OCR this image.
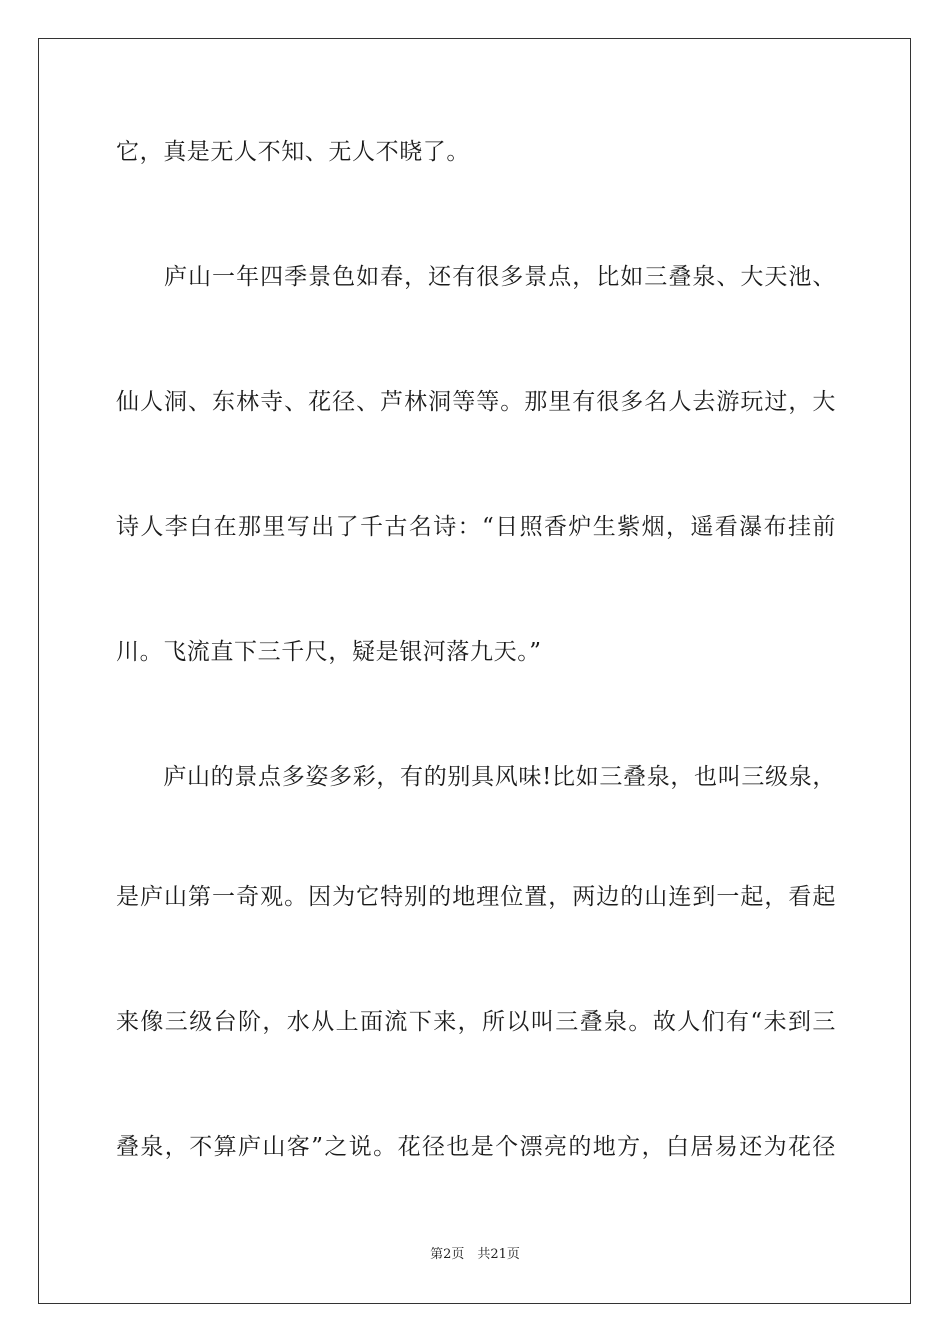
它，真是无人不知、无人不晓了。
　　庐山一年四季景色如春，还有很多景点，比如三叠泉、大天池、
仙人洞、东林寺、花径、芦林洞等等。那里有很多名人去游玩过，大
诗人李白在那里写出了千古名诗：“日照香炉生紫烟，遥看瀑布挂前
川。飞流直下三千尺，疑是银河落九天。”
　　庐山的景点多姿多彩，有的别具风味!比如三叠泉，也叫三级泉，
是庐山第一奇观。因为它特别的地理位置，两边的山连到一起，看起
来像三级台阶，水从上面流下来，所以叫三叠泉。故人们有“未到三
叠泉，不算庐山客”之说。花径也是个漂亮的地方，白居易还为花径
第2页　共21页
